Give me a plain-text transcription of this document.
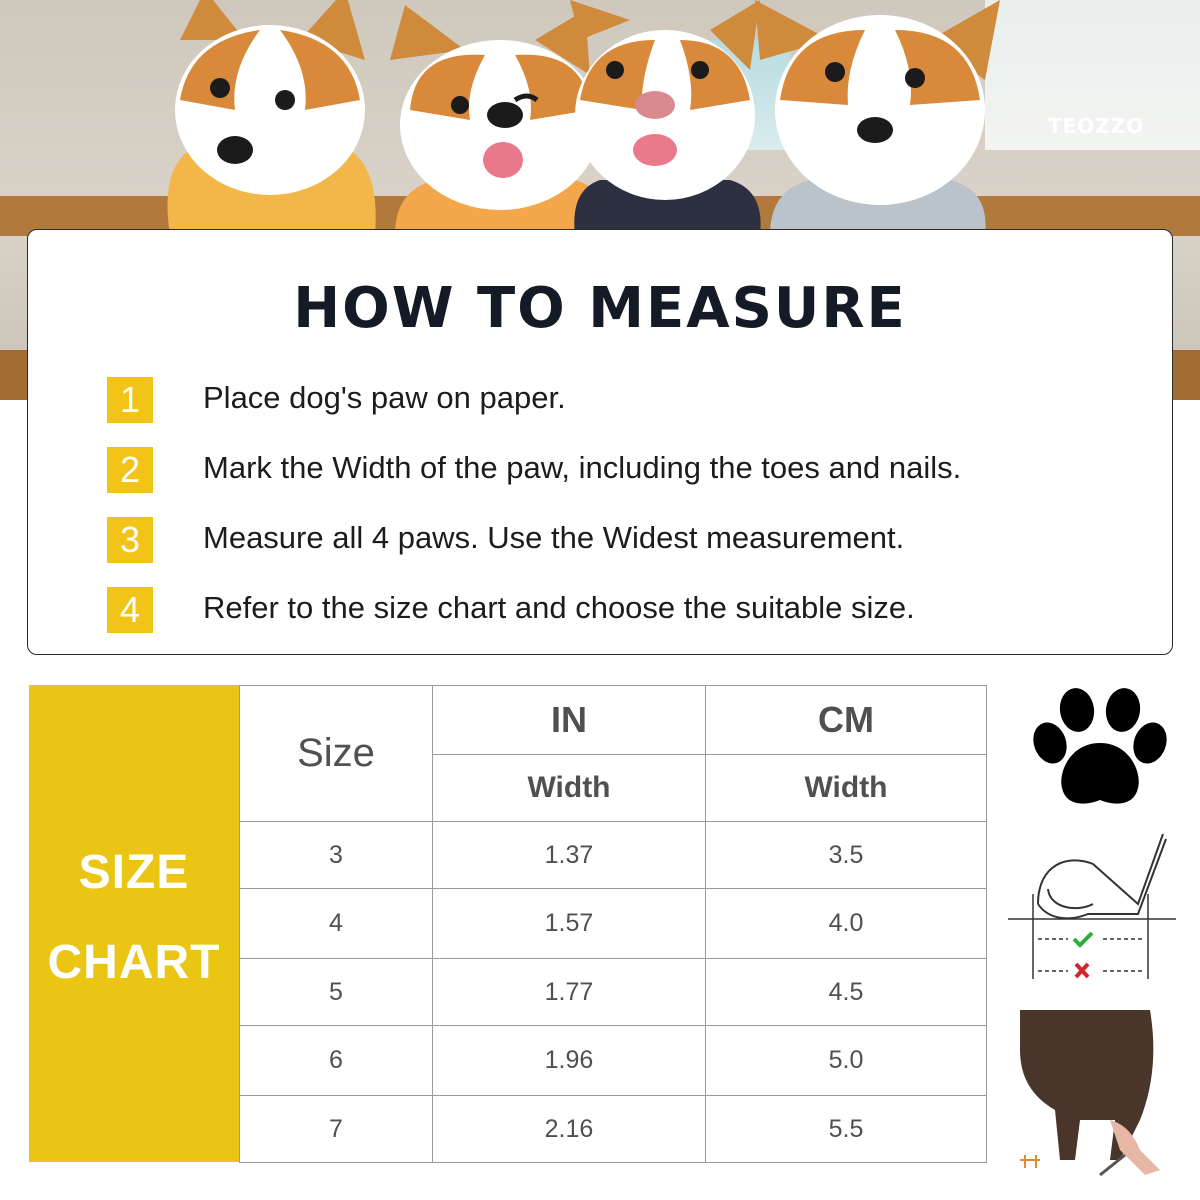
TEOZZO
HOW TO MEASURE
1	Place dog's paw on paper.
2	Mark the Width of the paw, including the toes and nails.
3	Measure all 4 paws. Use the Widest measurement.
4	Refer to the size chart and choose the suitable size.
SIZE
CHART
Size	IN	CM
	Width	Width
3	1.37	3.5
4	1.57	4.0
5	1.77	4.5
6	1.96	5.0
7	2.16	5.5
